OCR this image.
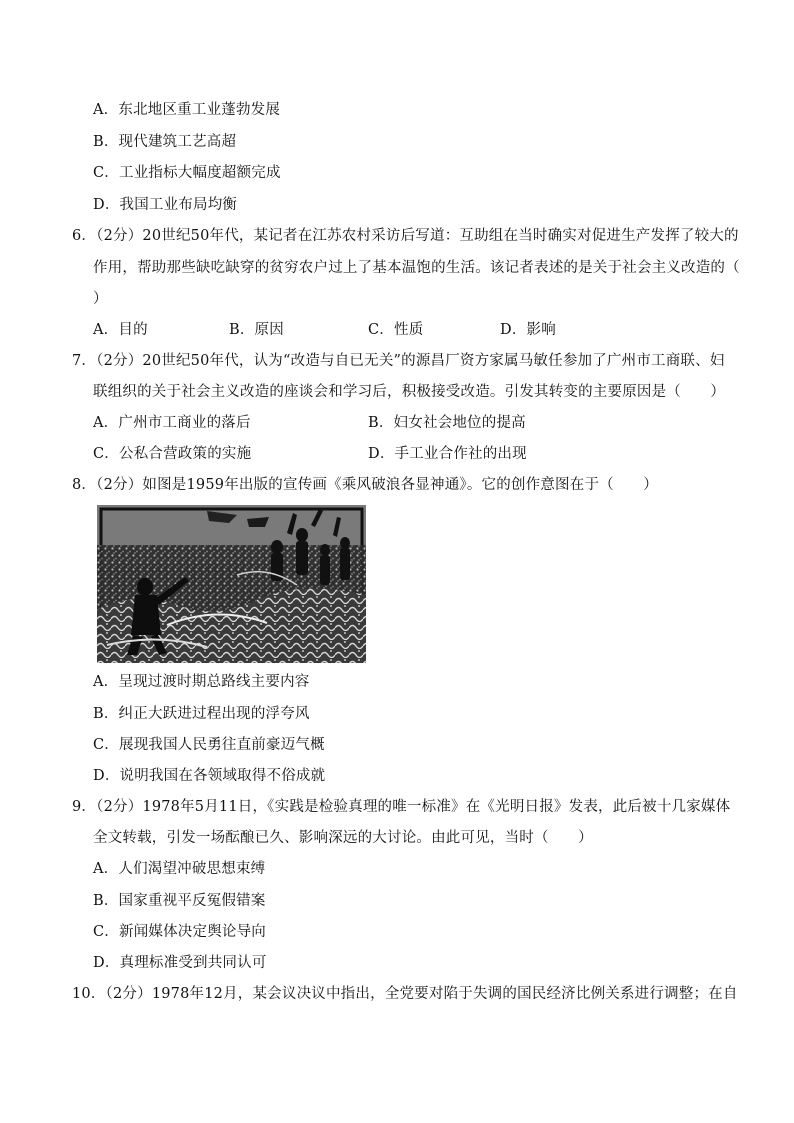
A．东北地区重工业蓬勃发展
B．现代建筑工艺高超
C．工业指标大幅度超额完成
D．我国工业布局均衡
6．（2分）20世纪50年代，某记者在江苏农村采访后写道：互助组在当时确实对促进生产发挥了较大的
作用，帮助那些缺吃缺穿的贫穷农户过上了基本温饱的生活。该记者表述的是关于社会主义改造的（
）
A．目的	B．原因	C．性质	D．影响
7．（2分）20世纪50年代，认为“改造与自已无关”的源昌厂资方家属马敏任参加了广州市工商联、妇
联组织的关于社会主义改造的座谈会和学习后，积极接受改造。引发其转变的主要原因是（　　）
A．广州市工商业的落后	B．妇女社会地位的提高
C．公私合营政策的实施	D．手工业合作社的出现
8．（2分）如图是1959年出版的宣传画《乘风破浪各显神通》。它的创作意图在于（　　）
A．呈现过渡时期总路线主要内容
B．纠正大跃进过程出现的浮夸风
C．展现我国人民勇往直前豪迈气概
D．说明我国在各领域取得不俗成就
9．（2分）1978年5月11日，《实践是检验真理的唯一标准》在《光明日报》发表，此后被十几家媒体
全文转载，引发一场酝酿已久、影响深远的大讨论。由此可见，当时（　　）
A．人们渴望冲破思想束缚
B．国家重视平反冤假错案
C．新闻媒体决定舆论导向
D．真理标准受到共同认可
10．（2分）1978年12月，某会议决议中指出，全党要对陷于失调的国民经济比例关系进行调整；在自
